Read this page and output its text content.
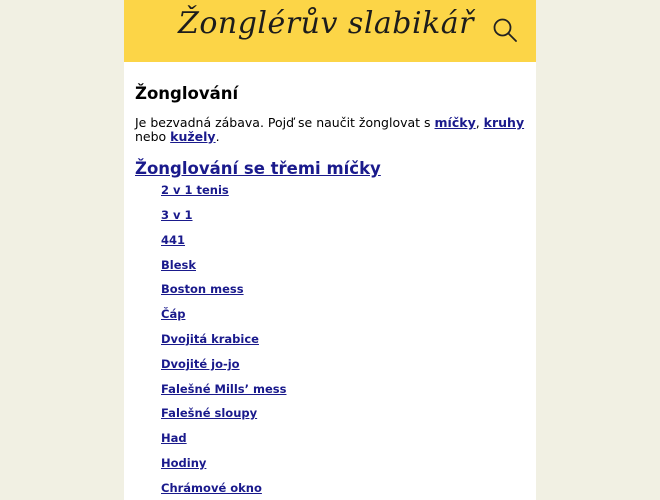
Žonglérův slabikář
Žonglování

Je bezvadná zábava. Pojď se naučit žonglovat s míčky, kruhy nebo kužely.

Žonglování se třemi míčky
2 v 1 tenis
3 v 1
441
Blesk
Boston mess
Čáp
Dvojitá krabice
Dvojité jo-jo
Falešné Mills’ mess
Falešné sloupy
Had
Hodiny
Chrámové okno
